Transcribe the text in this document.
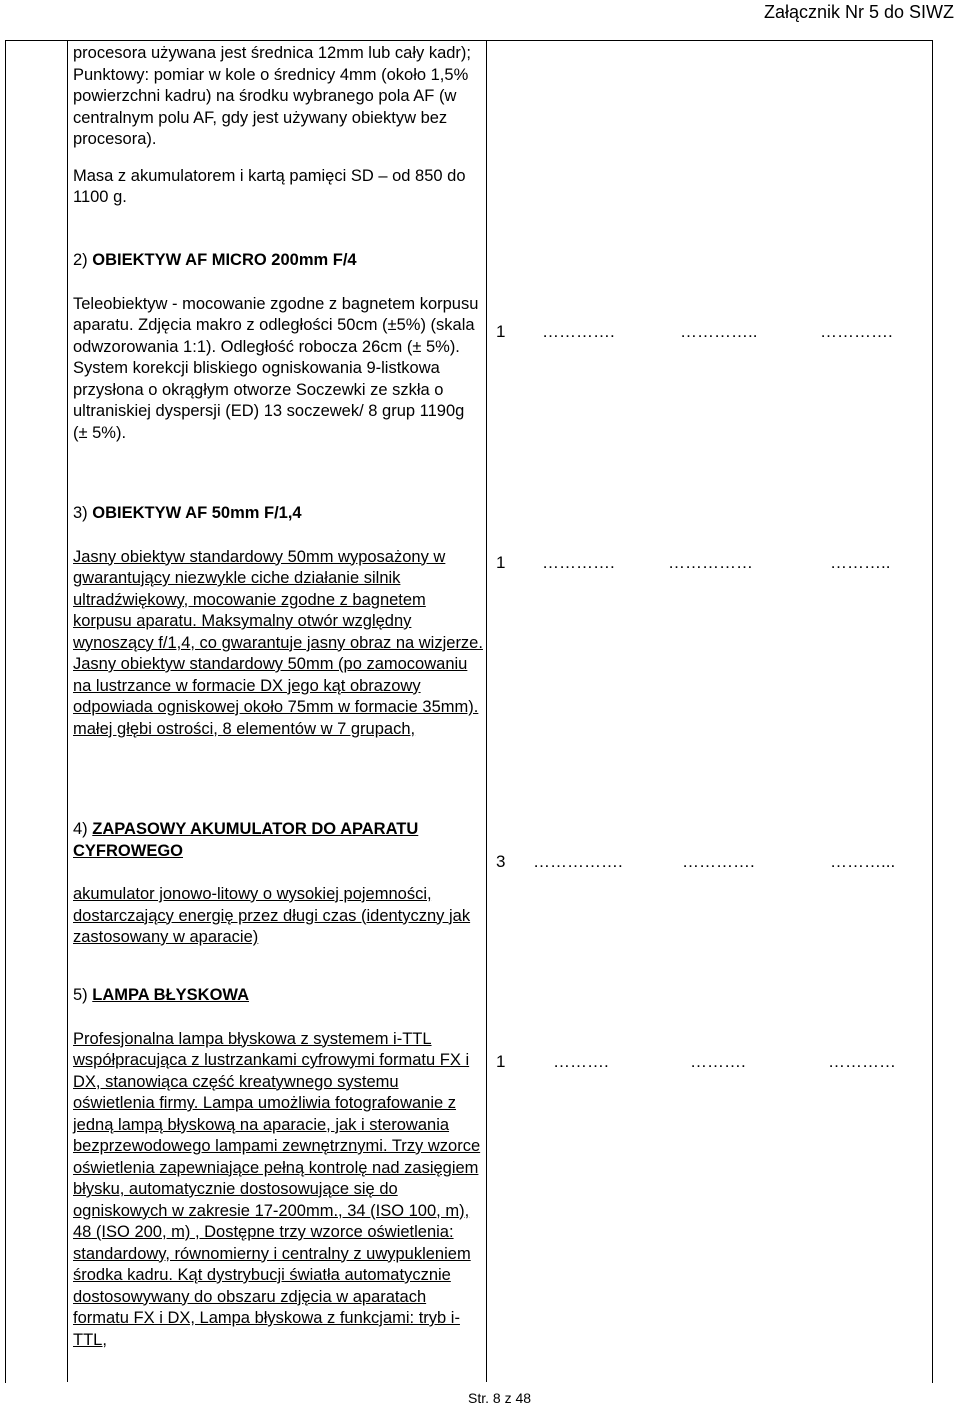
Załącznik Nr 5 do SIWZ

procesora używana jest średnica 12mm lub cały kadr); Punktowy: pomiar w kole o średnicy 4mm (około 1,5% powierzchni kadru) na środku wybranego pola AF (w centralnym polu AF, gdy jest używany obiektyw bez procesora).

Masa z akumulatorem i kartą pamięci SD – od 850 do 1100 g.

2) OBIEKTYW AF MICRO 200mm F/4

Teleobiektyw - mocowanie zgodne z bagnetem korpusu aparatu. Zdjęcia makro z odległości 50cm (±5%) (skala odwzorowania 1:1). Odległość robocza 26cm (± 5%). System korekcji bliskiego ogniskowania 9-listkowa przysłona o okrągłym otworze Soczewki ze szkła o ultraniskiej dyspersji (ED) 13 soczewek/ 8 grup 1190g (± 5%).

1 ………….	…………..	………….

3) OBIEKTYW AF 50mm F/1,4

Jasny obiektyw standardowy 50mm wyposażony w gwarantujący niezwykle ciche działanie silnik ultradźwiękowy, mocowanie zgodne z bagnetem korpusu aparatu. Maksymalny otwór względny wynoszący f/1,4, co gwarantuje jasny obraz na wizjerze. Jasny obiektyw standardowy 50mm (po zamocowaniu na lustrzance w formacie DX jego kąt obrazowy odpowiada ogniskowej około 75mm w formacie 35mm). małej głębi ostrości, 8 elementów w 7 grupach,

1 ………….	……………	………..

4) ZAPASOWY AKUMULATOR DO APARATU CYFROWEGO

akumulator jonowo-litowy o wysokiej pojemności, dostarczający energię przez długi czas (identyczny jak zastosowany w aparacie)

3 …………….	………….	………...

5) LAMPA BŁYSKOWA

Profesjonalna lampa błyskowa z systemem i-TTL współpracująca z lustrzankami cyfrowymi formatu FX i DX, stanowiąca część kreatywnego systemu oświetlenia firmy. Lampa umożliwia fotografowanie z jedną lampą błyskową na aparacie, jak i sterowania bezprzewodowego lampami zewnętrznymi. Trzy wzorce oświetlenia zapewniające pełną kontrolę nad zasięgiem błysku, automatycznie dostosowujące się do ogniskowych w zakresie 17-200mm., 34 (ISO 100, m), 48 (ISO 200, m) , Dostępne trzy wzorce oświetlenia: standardowy, równomierny i centralny z uwypukleniem środka kadru. Kąt dystrybucji światła automatycznie dostosowywany do obszaru zdjęcia w aparatach formatu FX i DX, Lampa błyskowa z funkcjami: tryb i-TTL,

1	……….	……….	…………
Str. 8 z 48
